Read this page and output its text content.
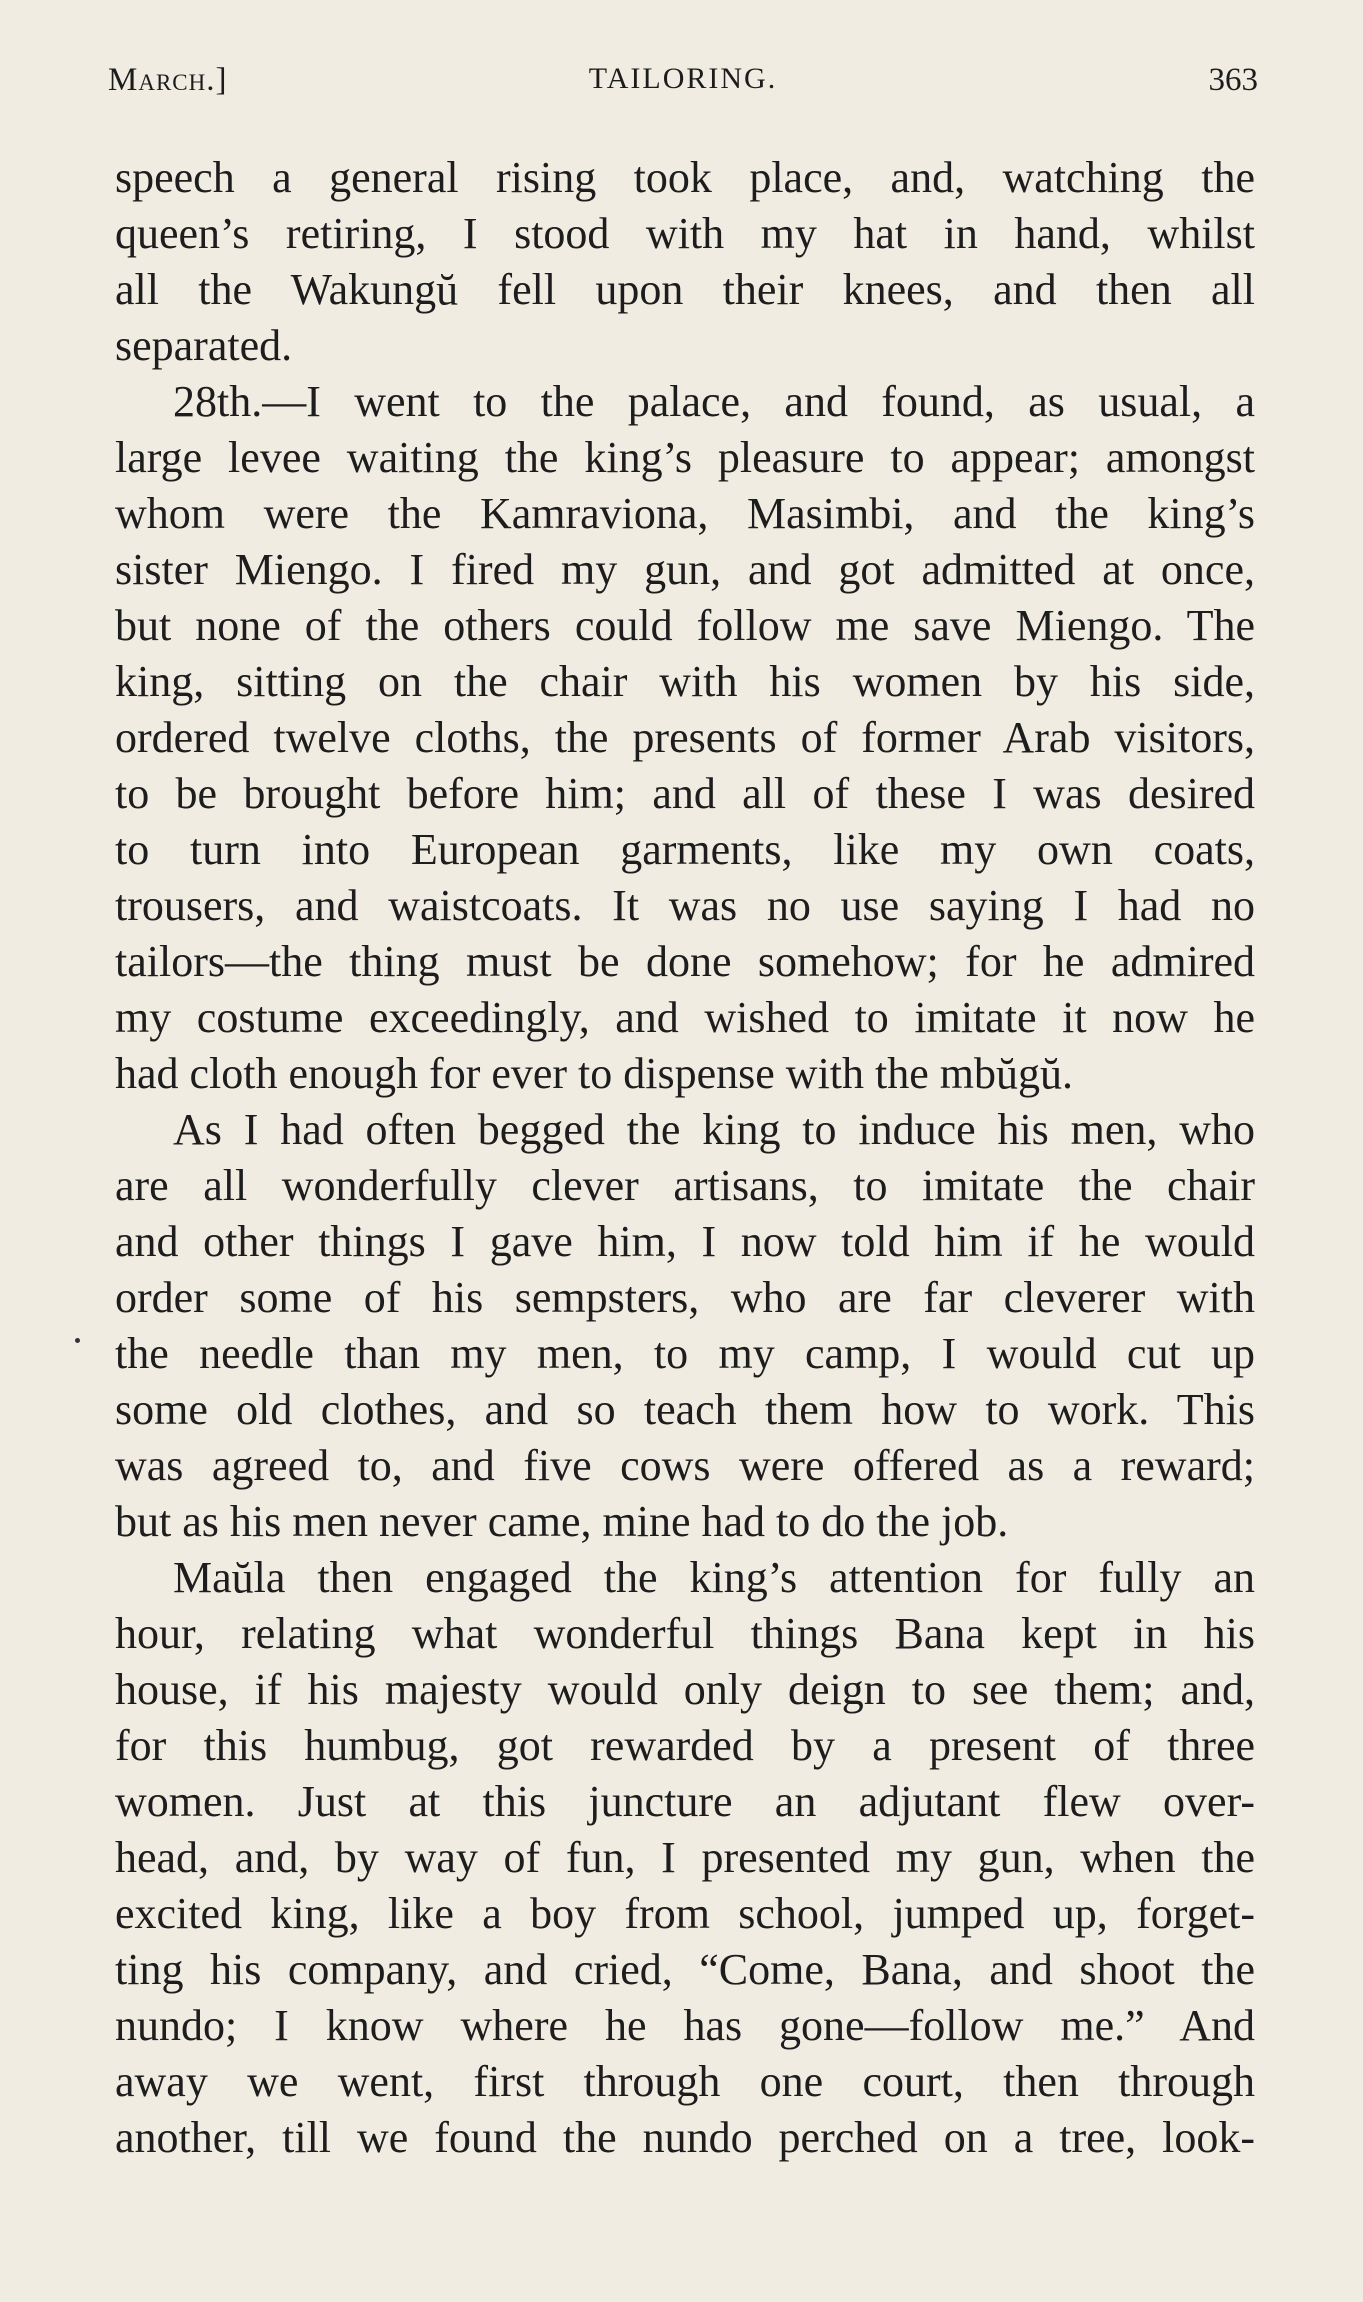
March.]	TAILORING.	363
speech a general rising took place, and, watching the
queen’s retiring, I stood with my hat in hand, whilst
all the Wakungŭ fell upon their knees, and then all
separated.
28th.—I went to the palace, and found, as usual, a
large levee waiting the king’s pleasure to appear; amongst
whom were the Kamraviona, Masimbi, and the king’s
sister Miengo. I fired my gun, and got admitted at once,
but none of the others could follow me save Miengo. The
king, sitting on the chair with his women by his side,
ordered twelve cloths, the presents of former Arab visitors,
to be brought before him; and all of these I was desired
to turn into European garments, like my own coats,
trousers, and waistcoats. It was no use saying I had no
tailors—the thing must be done somehow; for he admired
my costume exceedingly, and wished to imitate it now he
had cloth enough for ever to dispense with the mbŭgŭ.
As I had often begged the king to induce his men, who
are all wonderfully clever artisans, to imitate the chair
and other things I gave him, I now told him if he would
order some of his sempsters, who are far cleverer with
the needle than my men, to my camp, I would cut up
some old clothes, and so teach them how to work. This
was agreed to, and five cows were offered as a reward;
but as his men never came, mine had to do the job.
Maŭla then engaged the king’s attention for fully an
hour, relating what wonderful things Bana kept in his
house, if his majesty would only deign to see them; and,
for this humbug, got rewarded by a present of three
women. Just at this juncture an adjutant flew over-
head, and, by way of fun, I presented my gun, when the
excited king, like a boy from school, jumped up, forget-
ting his company, and cried, “Come, Bana, and shoot the
nundo; I know where he has gone—follow me.” And
away we went, first through one court, then through
another, till we found the nundo perched on a tree, look-
